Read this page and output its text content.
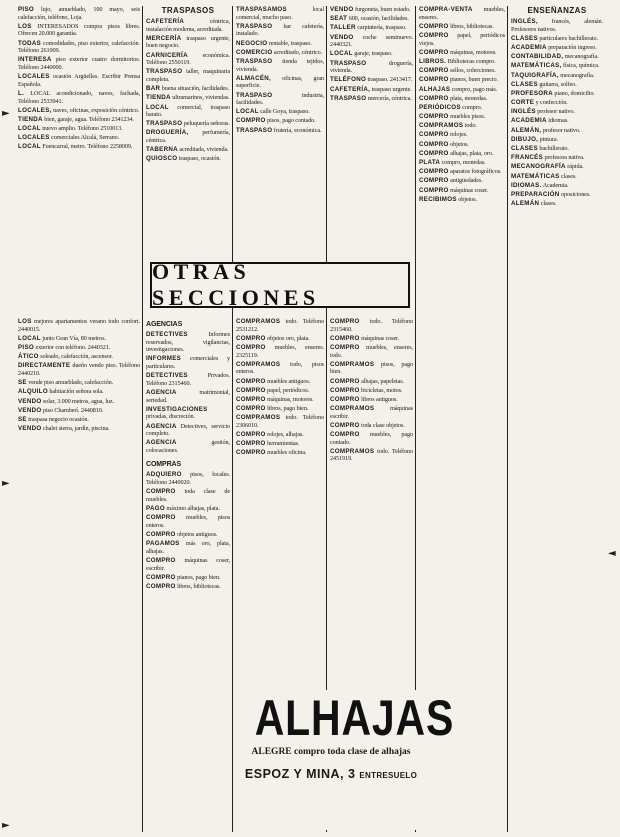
PISO lujo, amueblado, 100 mayo, seis calefacción, teléfono, Loja.

LOS INTERESADOS compra pisos libres. Ofrecen 20.000 garantía.

TODAS comodidades, piso exterior, calefacción. Teléfono 261009.

INTERESA piso exterior cuatro dormitorios. Teléfono 2440000.

LOCALES ocasión Argüelles. Escribir Prensa Española.

L. LOCAL acondicionado, naves, fachada, Teléfono 2533941.

LOCALES, naves, oficinas, exposición céntrico.

TIENDA bien, garaje, agua. Teléfono 2341234.

LOCAL nuevo amplio. Teléfono 2510013.

LOCALES comerciales Alcalá, Serrano.

LOCAL Fuencarral, metro. Teléfono 2258009.

LOS mejores apartamentos verano todo confort. 2440015.

LOCAL junto Gran Vía, 80 metros.

PISO exterior con teléfono. 2440321.

ÁTICO soleado, calefacción, ascensor.

DIRECTAMENTE dueño vendo piso. Teléfono 2440210.

SE vende piso amueblado, calefacción.

ALQUILO habitación señora sola.

VENDO solar, 3.000 metros, agua, luz.

VENDO piso Chamberí. 2440810.

SE traspasa negocio ocasión.

VENDO chalet sierra, jardín, piscina.

TRASPASOS

CAFETERÍA céntrica, instalación moderna, acreditada.

MERCERÍA traspaso urgente, buen negocio.

CARNICERÍA económica. Teléfono 2550119.

TRASPASO taller, maquinaria completa.

BAR buena situación, facilidades.

TIENDA ultramarinos, viviendas.

LOCAL comercial, traspaso barato.

TRASPASO peluquería señoras.

DROGUERÍA, perfumería, céntrica.

TABERNA acreditada, vivienda.

QUIOSCO traspaso, ocasión.

AGENCIAS

DETECTIVES Informes reservados, vigilancias, investigaciones.

INFORMES comerciales y particulares.

DETECTIVES Privados. Teléfono 2315460.

AGENCIA matrimonial, seriedad.

INVESTIGACIONES privadas, discreción.

AGENCIA Detectives, servicio completo.

AGENCIA gestión, colocaciones.

COMPRAS

ADQUIERO pisos, locales. Teléfono 2440020.

COMPRO toda clase de muebles.

PAGO máximo alhajas, plata.

COMPRO muebles, pisos enteros.

COMPRO objetos antiguos.

PAGAMOS más oro, plata, alhajas.

COMPRO máquinas coser, escribir.

COMPRO pianos, pago bien.

COMPRO libros, bibliotecas.

TRASPASAMOS local comercial, mucho paso.

TRASPASO bar cafetería, instalado.

NEGOCIO rentable, traspaso.

COMERCIO acreditado, céntrico.

TRASPASO tienda tejidos, vivienda.

ALMACÉN, oficinas, gran superficie.

TRASPASO industria, facilidades.

LOCAL calle Goya, traspaso.

COMPRO pisos, pago contado.

TRASPASO frutería, económica.

COMPRAMOS todo. Teléfono 2531212.

COMPRO objetos oro, plata.

COMPRO muebles, enseres. 2325119.

COMPRAMOS todo, pisos enteros.

COMPRO muebles antiguos.

COMPRO papel, periódicos.

COMPRO máquinas, motores.

COMPRO libros, pago bien.

COMPRAMOS todo. Teléfono 2306010.

COMPRO relojes, alhajas.

COMPRO herramientas.

COMPRO muebles oficina.

VENDO furgoneta, buen estado.

SEAT 600, ocasión, facilidades.

TALLER carpintería, traspaso.

VENDO coche seminuevo. 2440321.

LOCAL garaje, traspaso.

TRASPASO droguería, vivienda.

TELÉFONO traspaso. 2413417.

CAFETERÍA, traspaso urgente.

TRASPASO mercería, céntrica.

COMPRO todo. Teléfono 2315460.

COMPRO máquinas coser.

COMPRO muebles, enseres, todo.

COMPRAMOS pisos, pago bien.

COMPRO alhajas, papeletas.

COMPRO bicicletas, motos.

COMPRO libros antiguos.

COMPRAMOS máquinas escribir.

COMPRO toda clase objetos.

COMPRO muebles, pago contado.

COMPRAMOS todo. Teléfono 2451919.

COMPRA-VENTA muebles, enseres.

COMPRO libros, bibliotecas.

COMPRO papel, periódicos viejos.

COMPRO máquinas, motores.

LIBROS. Bibliotecas compro.

COMPRO sellos, colecciones.

COMPRO pianos, buen precio.

ALHAJAS compro, pago más.

COMPRO plata, monedas.

PERIÓDICOS compro.

COMPRO muebles pisos.

COMPRAMOS todo.

COMPRO relojes.

COMPRO objetos.

COMPRO alhajas, plata, oro.

PLATA compro, monedas.

COMPRO aparatos fotográficos.

COMPRO antigüedades.

COMPRO máquinas coser.

RECIBIMOS objetos.

ENSEÑANZAS

INGLÉS, francés, alemán. Profesores nativos.

CLASES particulares bachillerato.

ACADEMIA preparación ingreso.

CONTABILIDAD, mecanografía.

MATEMÁTICAS, física, química.

TAQUIGRAFÍA, mecanografía.

CLASES guitarra, solfeo.

PROFESORA piano, domicilio.

CORTE y confección.

INGLÉS profesor nativo.

ACADEMIA idiomas.

ALEMÁN, profesor nativo.

DIBUJO, pintura.

CLASES bachillerato.

FRANCÉS profesora nativa.

MECANOGRAFÍA rápida.

MATEMÁTICAS clases.

IDIOMAS. Academia.

PREPARACIÓN oposiciones.

ALEMÁN clases.

OTRAS SECCIONES
ALHAJAS
ALEGRE compro toda clase de alhajas
ESPOZ Y MINA, 3 ENTRESUELO
►
►
►
◄
